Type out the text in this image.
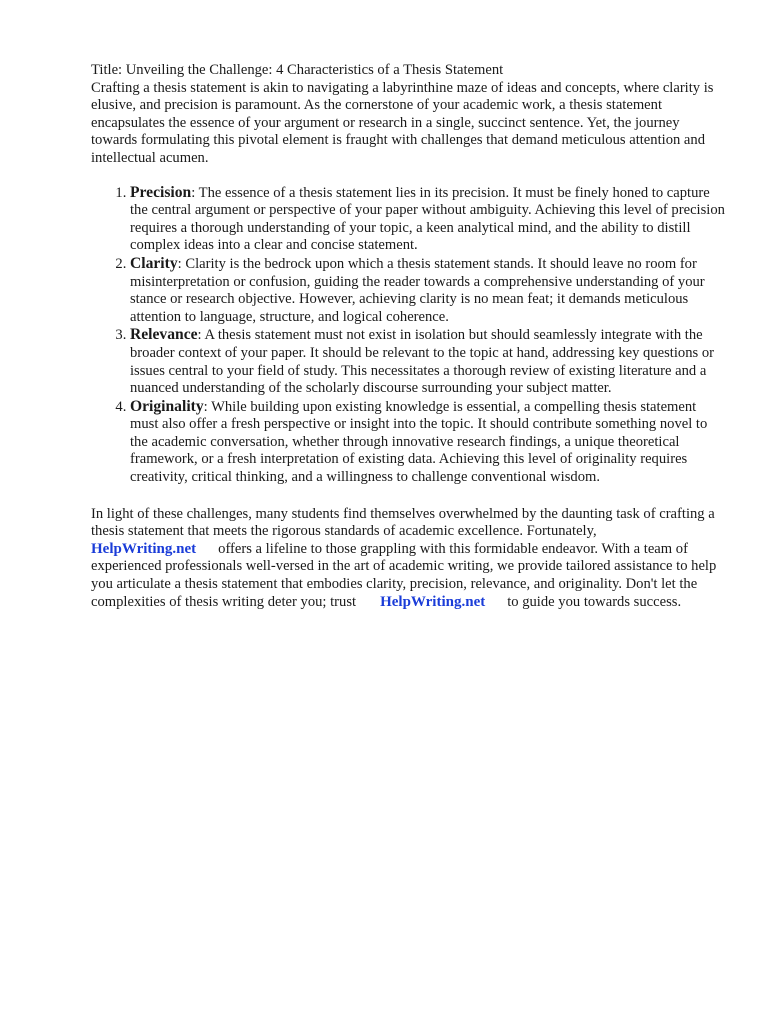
Title: Unveiling the Challenge: 4 Characteristics of a Thesis Statement

Crafting a thesis statement is akin to navigating a labyrinthine maze of ideas and concepts, where clarity is elusive, and precision is paramount. As the cornerstone of your academic work, a thesis statement encapsulates the essence of your argument or research in a single, succinct sentence. Yet, the journey towards formulating this pivotal element is fraught with challenges that demand meticulous attention and intellectual acumen.

1. Precision: The essence of a thesis statement lies in its precision. It must be finely honed to capture the central argument or perspective of your paper without ambiguity. Achieving this level of precision requires a thorough understanding of your topic, a keen analytical mind, and the ability to distill complex ideas into a clear and concise statement.
2. Clarity: Clarity is the bedrock upon which a thesis statement stands. It should leave no room for misinterpretation or confusion, guiding the reader towards a comprehensive understanding of your stance or research objective. However, achieving clarity is no mean feat; it demands meticulous attention to language, structure, and logical coherence.
3. Relevance: A thesis statement must not exist in isolation but should seamlessly integrate with the broader context of your paper. It should be relevant to the topic at hand, addressing key questions or issues central to your field of study. This necessitates a thorough review of existing literature and a nuanced understanding of the scholarly discourse surrounding your subject matter.
4. Originality: While building upon existing knowledge is essential, a compelling thesis statement must also offer a fresh perspective or insight into the topic. It should contribute something novel to the academic conversation, whether through innovative research findings, a unique theoretical framework, or a fresh interpretation of existing data. Achieving this level of originality requires creativity, critical thinking, and a willingness to challenge conventional wisdom.

In light of these challenges, many students find themselves overwhelmed by the daunting task of crafting a thesis statement that meets the rigorous standards of academic excellence. Fortunately,
HelpWriting.net offers a lifeline to those grappling with this formidable endeavor. With a team of experienced professionals well-versed in the art of academic writing, we provide tailored assistance to help you articulate a thesis statement that embodies clarity, precision, relevance, and originality. Don't let the complexities of thesis writing deter you; trust HelpWriting.net to guide you towards success.
